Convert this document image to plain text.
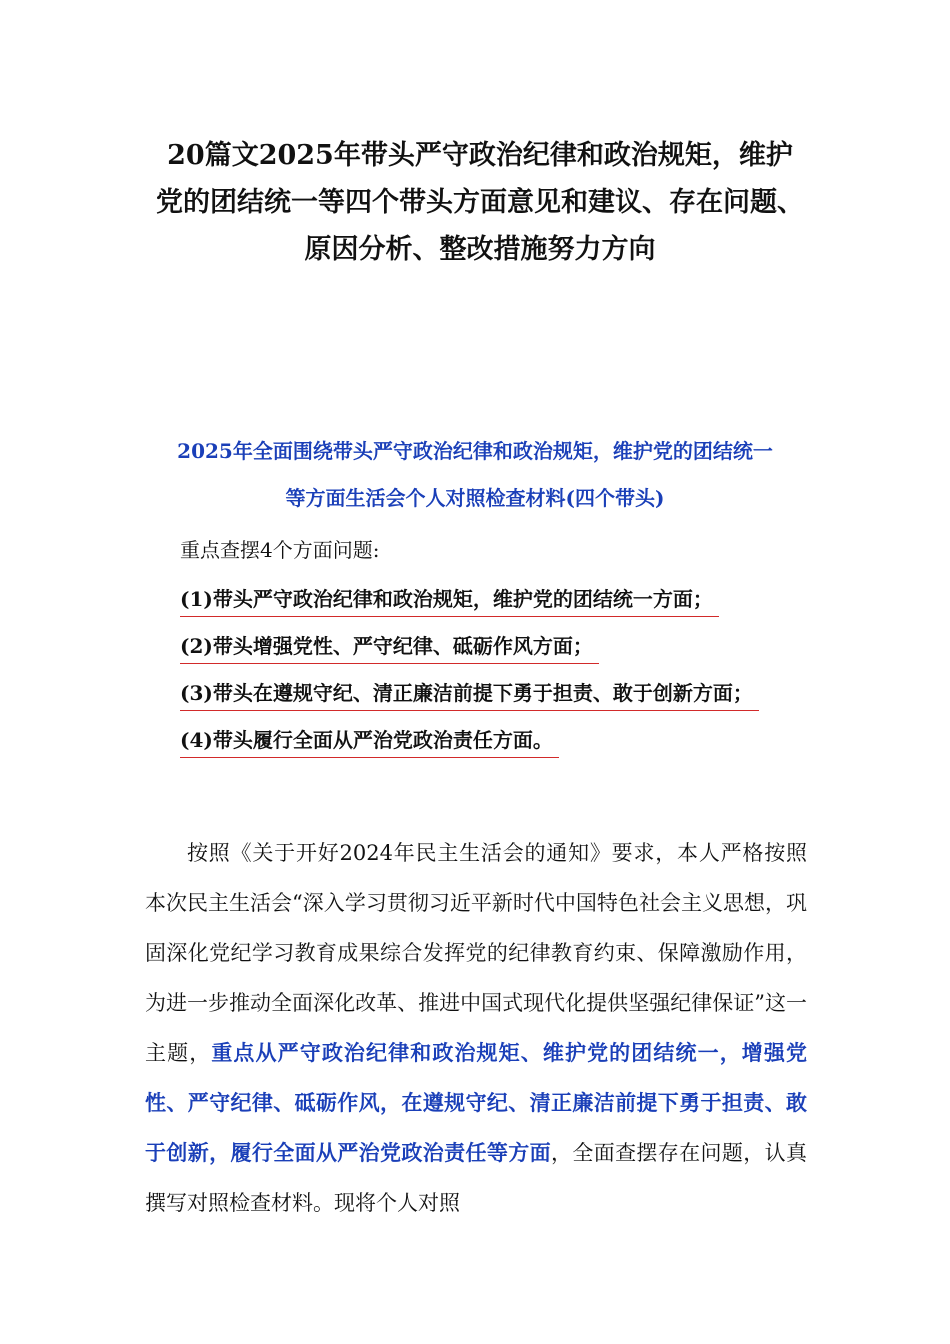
20篇文2025年带头严守政治纪律和政治规矩，维护
党的团结统一等四个带头方面意见和建议、存在问题、
原因分析、整改措施努力方向
2025年全面围绕带头严守政治纪律和政治规矩，维护党的团结统一
等方面生活会个人对照检查材料(四个带头)
重点查摆4个方面问题:
(1)带头严守政治纪律和政治规矩，维护党的团结统一方面；
(2)带头增强党性、严守纪律、砥砺作风方面；
(3)带头在遵规守纪、清正廉洁前提下勇于担责、敢于创新方面；
(4)带头履行全面从严治党政治责任方面。

按照《关于开好2024年民主生活会的通知》要求，本人严格按照本次民主生活会“深入学习贯彻习近平新时代中国特色社会主义思想，巩固深化党纪学习教育成果综合发挥党的纪律教育约束、保障激励作用，为进一步推动全面深化改革、推进中国式现代化提供坚强纪律保证”这一主题，重点从严守政治纪律和政治规矩、维护党的团结统一，增强党性、严守纪律、砥砺作风，在遵规守纪、清正廉洁前提下勇于担责、敢于创新，履行全面从严治党政治责任等方面，全面查摆存在问题，认真撰写对照检查材料。现将个人对照
